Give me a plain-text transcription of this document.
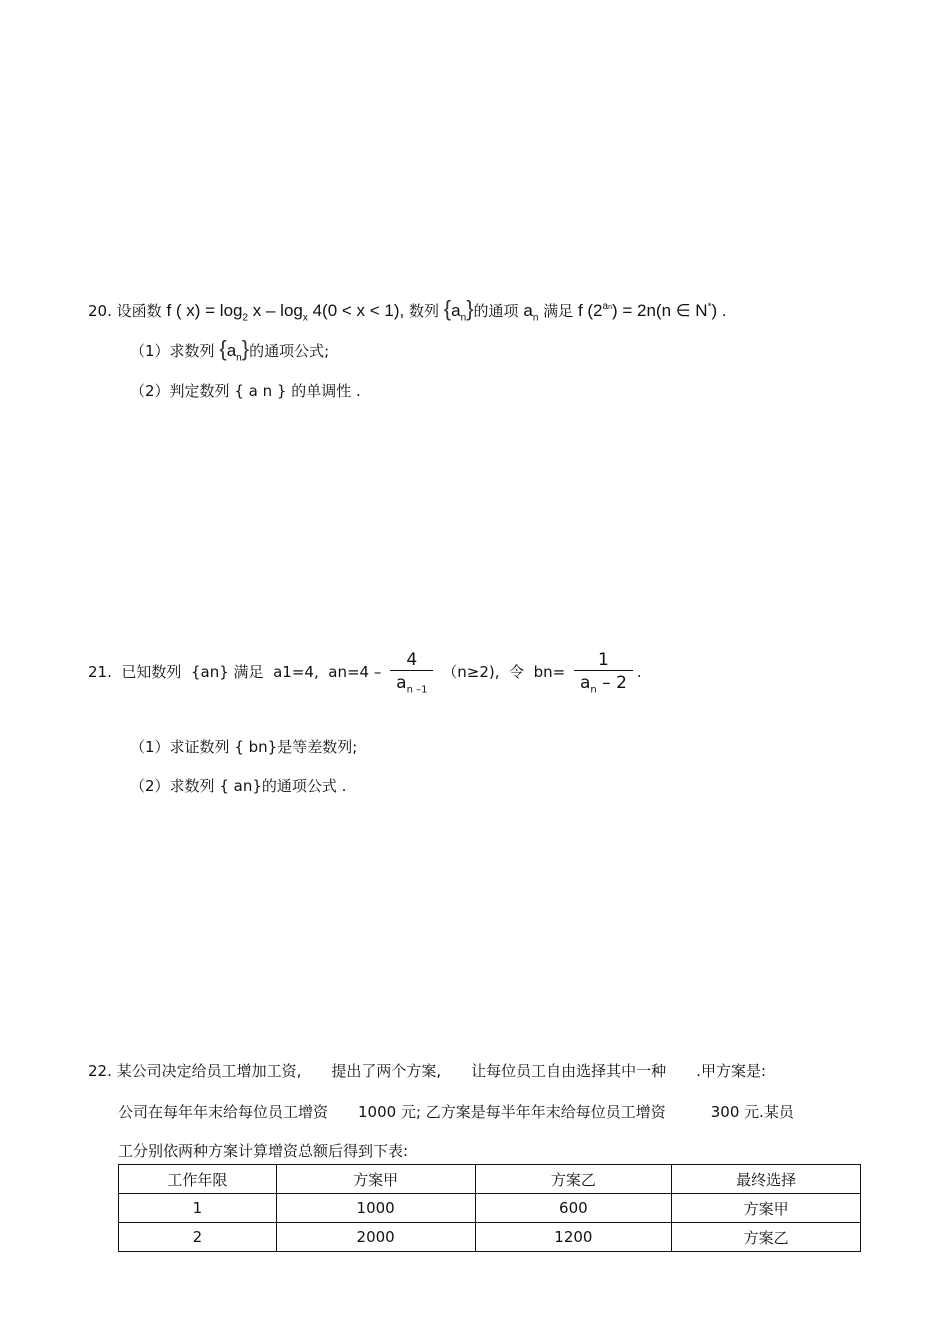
20. 设函数 f ( $x) = \log_2 x - \log_x 4(0 < x < 1)$, 数列 $\{a_n\}$的通项 $a_n$ 满足 f $(2^{an}) = 2n(n$ ∈ N*) .
（1）求数列 $\{a_n\}$的通项公式;
（2）判定数列 { a n } 的单调性 .
21. 已知数列 {an} 满足 a1=4, $an=4 - \frac{4}{a_{n -1}} (n\ge 2)$, 令 $bn= \frac{1}{a_n - 2}$ .
（1）求证数列 { bn}是等差数列;
（2）求数列 { an}的通项公式 .
22. 某公司决定给员工增加工资,　　提出了两个方案,　　让每位员工自由选择其中一种　　.甲方案是:
公司在每年年末给每位员工增资　　1000 元; 乙方案是每半年年末给每位员工增资　　　300 元.某员
工分别依两种方案计算增资总额后得到下表:
工作年限	方案甲	方案乙	最终选择
1	1000	600	方案甲
2	2000	1200	方案乙
